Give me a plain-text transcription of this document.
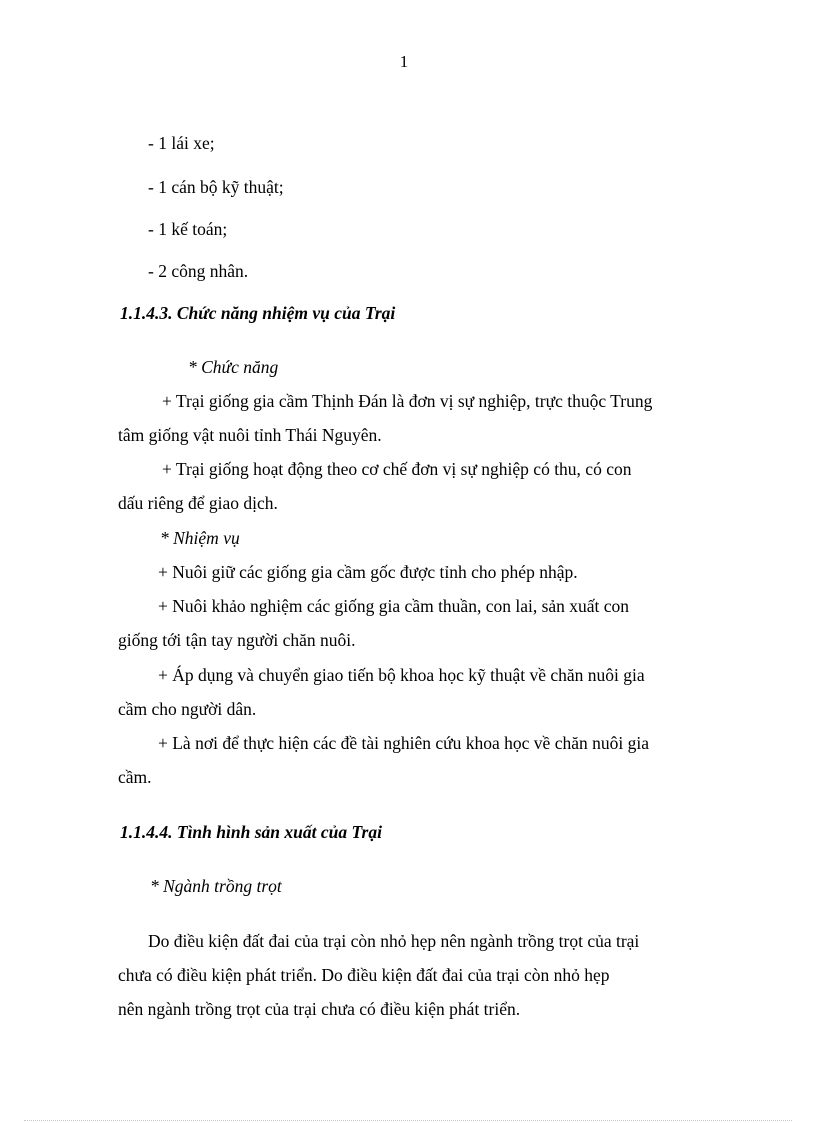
1
- 1 lái xe;
- 1 cán bộ kỹ thuật;
- 1 kế toán;
- 2 công nhân.
1.1.4.3. Chức năng nhiệm vụ của Trại
* Chức năng
+ Trại giống gia cầm Thịnh Đán là đơn vị sự nghiệp, trực thuộc Trung
tâm giống vật nuôi tỉnh Thái Nguyên.
+ Trại giống hoạt động theo cơ chế đơn vị sự nghiệp có thu, có con
dấu riêng để giao dịch.
* Nhiệm vụ
+ Nuôi giữ các giống gia cầm gốc được tỉnh cho phép nhập.
+ Nuôi khảo nghiệm các giống gia cầm thuần, con lai, sản xuất con
giống tới tận tay người chăn nuôi.
+ Áp dụng và chuyển giao tiến bộ khoa học kỹ thuật về chăn nuôi gia
cầm cho người dân.
+ Là nơi để thực hiện các đề tài nghiên cứu khoa học về chăn nuôi gia
cầm.
1.1.4.4. Tình hình sản xuất của Trại
* Ngành trồng trọt
Do điều kiện đất đai của trại còn nhỏ hẹp nên ngành trồng trọt của trại
chưa có điều kiện phát triển. Do điều kiện đất đai của trại còn nhỏ hẹp
nên ngành trồng trọt của trại chưa có điều kiện phát triển.
